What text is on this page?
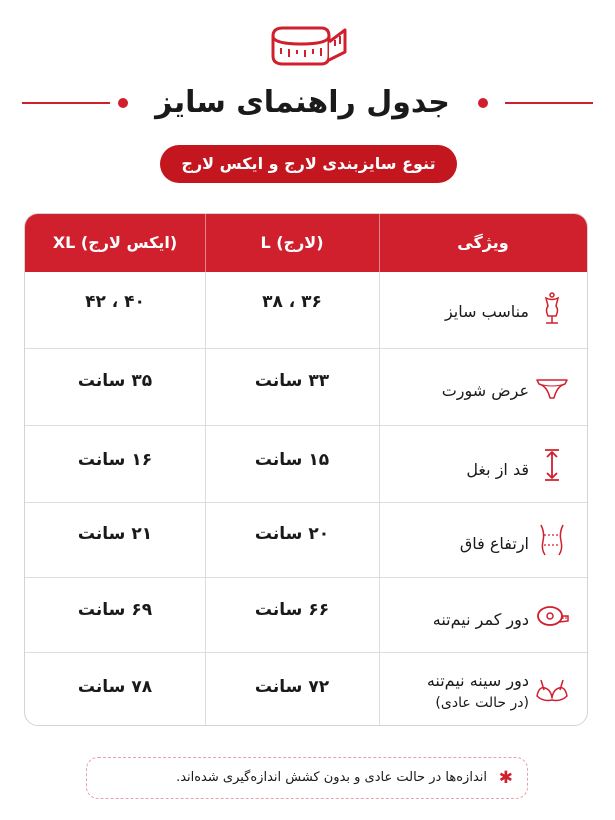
جدول راهنمای سایز
تنوع سایزبندی لارج و ایکس لارج
(ایکس لارج) XL	(لارج) L	ویژگی
۴۰ ، ۴۲	۳۶ ، ۳۸	مناسب سایز
۳۵ سانت	۳۳ سانت	عرض شورت
۱۶ سانت	۱۵ سانت	قد از بغل
۲۱ سانت	۲۰ سانت	ارتفاع فاق
۶۹ سانت	۶۶ سانت	دور کمر نیم‌تنه
۷۸ سانت	۷۲ سانت	دور سینه نیم‌تنه
(در حالت عادی)
✱
اندازه‌ها در حالت عادی و بدون کشش اندازه‌گیری شده‌اند.
